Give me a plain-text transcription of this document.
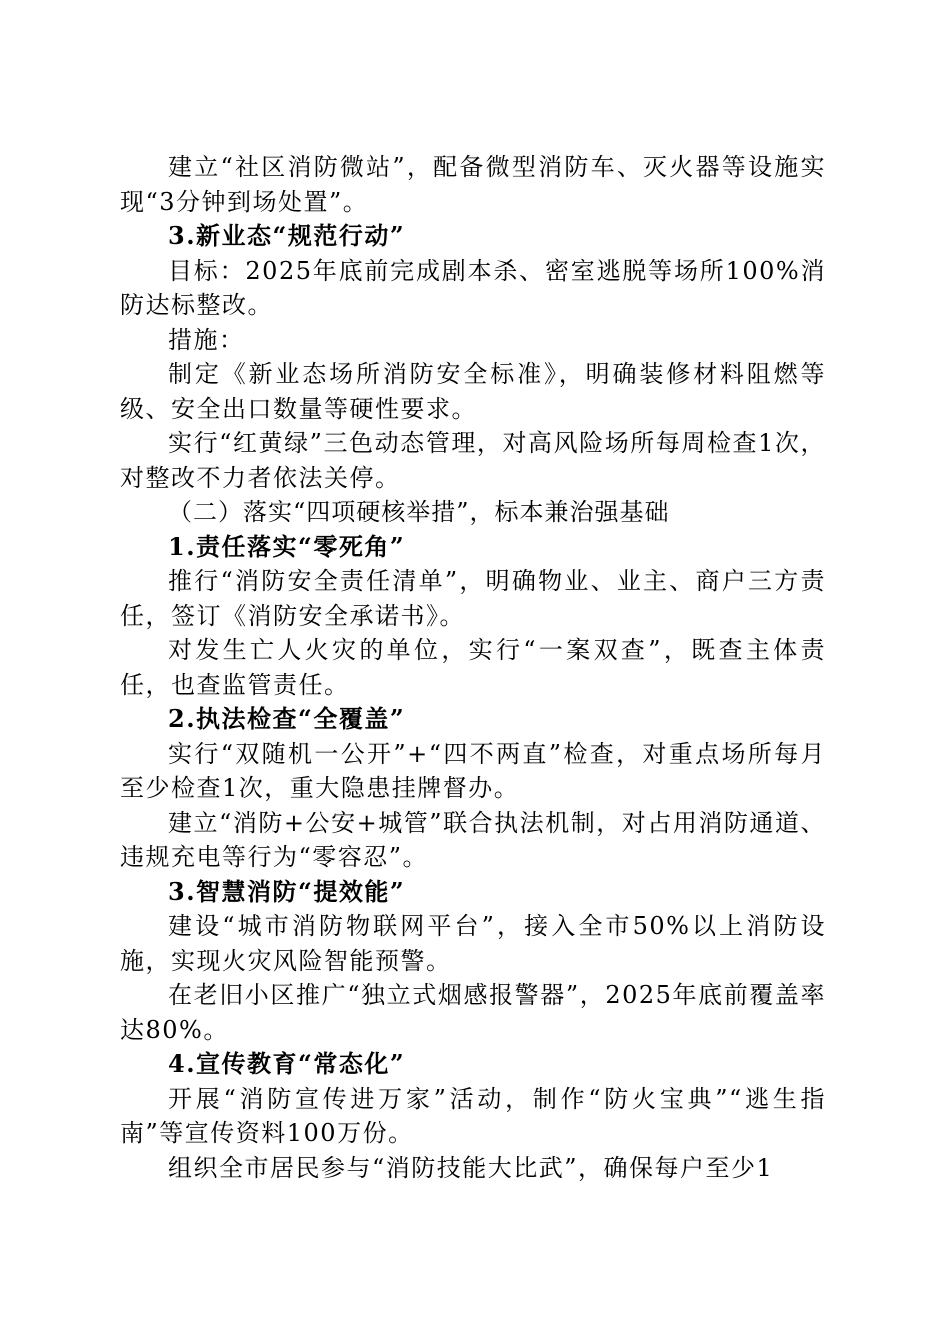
建立“社区消防微站”，配备微型消防车、灭火器等设施实现“3分钟到场处置”。

3.新业态“规范行动”

目标：2025年底前完成剧本杀、密室逃脱等场所100%消防达标整改。

措施：

制定《新业态场所消防安全标准》，明确装修材料阻燃等级、安全出口数量等硬性要求。

实行“红黄绿”三色动态管理，对高风险场所每周检查1次，对整改不力者依法关停。

（二）落实“四项硬核举措”，标本兼治强基础

1.责任落实“零死角”

推行“消防安全责任清单”，明确物业、业主、商户三方责任，签订《消防安全承诺书》。

对发生亡人火灾的单位，实行“一案双查”，既查主体责任，也查监管责任。

2.执法检查“全覆盖”

实行“双随机一公开”+“四不两直”检查，对重点场所每月至少检查1次，重大隐患挂牌督办。

建立“消防+公安+城管”联合执法机制，对占用消防通道、违规充电等行为“零容忍”。

3.智慧消防“提效能”

建设“城市消防物联网平台”，接入全市50%以上消防设施，实现火灾风险智能预警。

在老旧小区推广“独立式烟感报警器”，2025年底前覆盖率达80%。

4.宣传教育“常态化”

开展“消防宣传进万家”活动，制作“防火宝典”“逃生指南”等宣传资料100万份。

组织全市居民参与“消防技能大比武”，确保每户至少1
